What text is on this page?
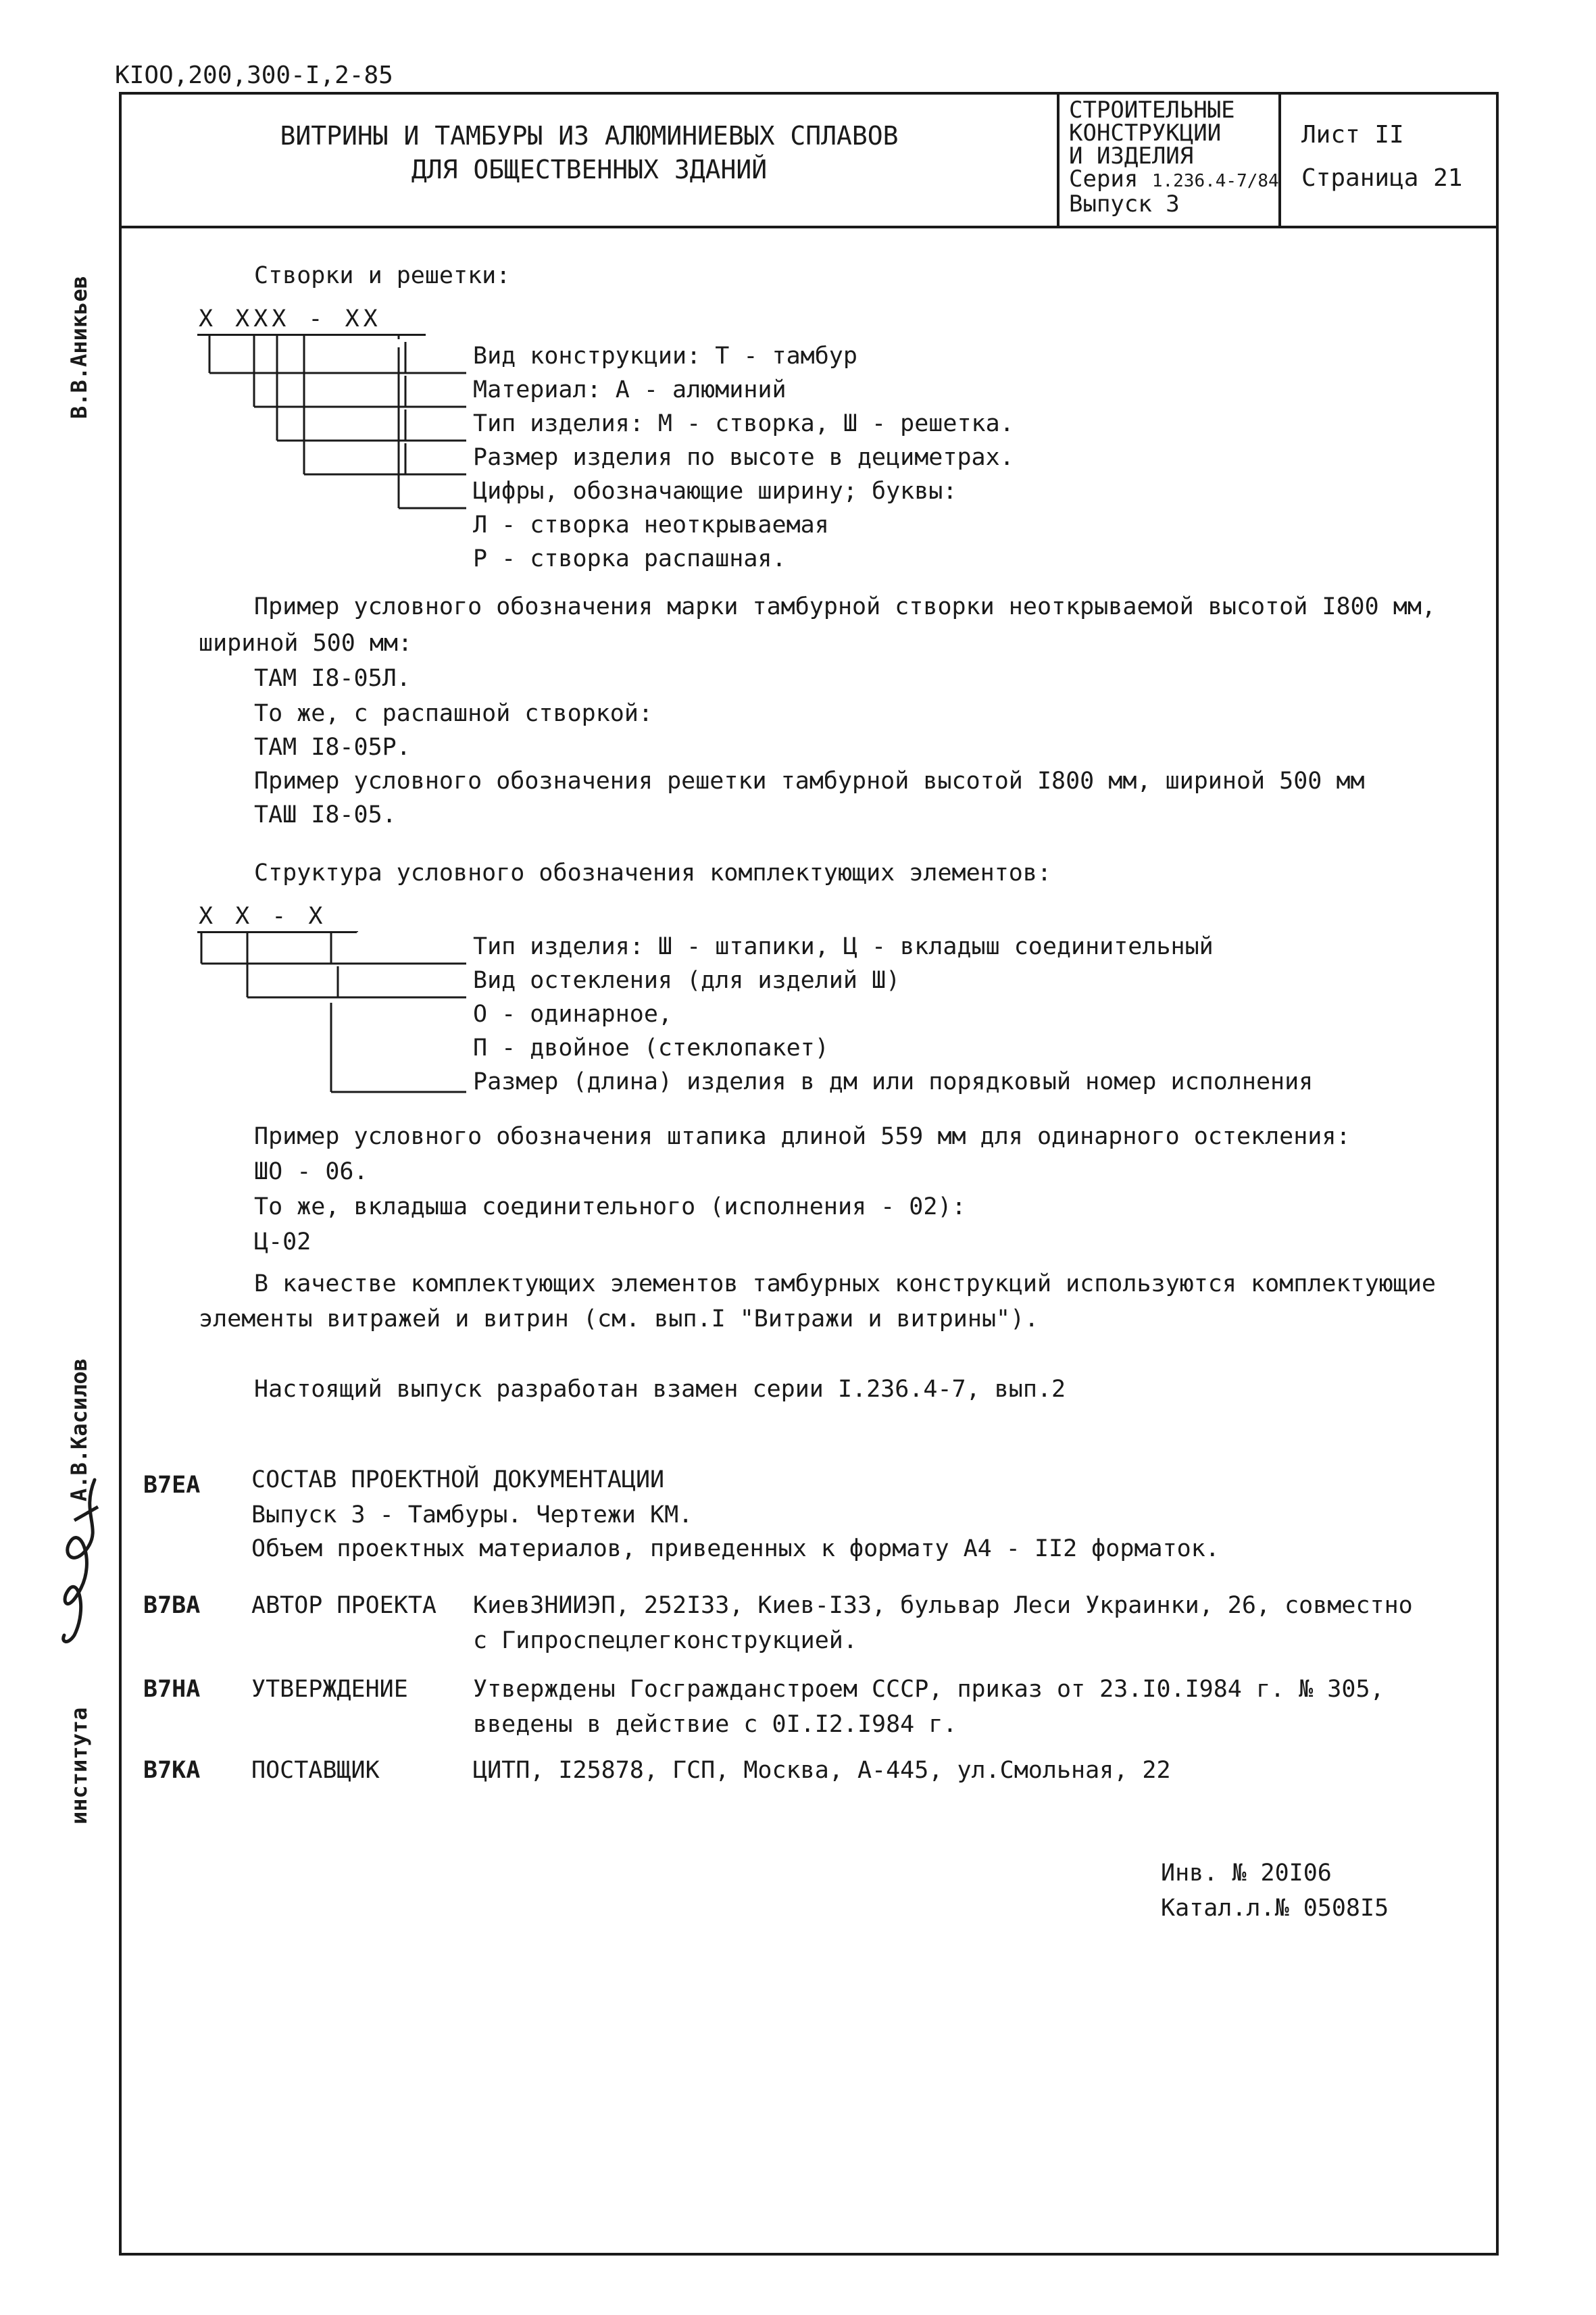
KIOO,200,300-I,2-85
ВИТРИНЫ И ТАМБУРЫ ИЗ АЛЮМИНИЕВЫХ СПЛАВОВ
ДЛЯ ОБЩЕСТВЕННЫХ ЗДАНИЙ
СТРОИТЕЛЬНЫЕ
КОНСТРУКЦИИ
И ИЗДЕЛИЯ
Серия 1.236.4-7/84
Выпуск 3
Лист II
Страница 21
В.В.Аникьев
А.В.Касилов
института
Створки и решетки:
X XXX - XX
Вид конструкции: Т - тамбур
Материал: А - алюминий
Тип изделия: М - створка, Ш - решетка.
Размер изделия по высоте в дециметрах.
Цифры, обозначающие ширину; буквы:
Л - створка неоткрываемая
Р - створка распашная.
Пример условного обозначения марки тамбурной створки неоткрываемой высотой I800 мм,
шириной 500 мм:
ТАМ I8-05Л.
То же, с распашной створкой:
ТАМ I8-05Р.
Пример условного обозначения решетки тамбурной высотой I800 мм, шириной 500 мм
ТАШ I8-05.
Структура условного обозначения комплектующих элементов:
X X - X
Тип изделия: Ш - штапики, Ц - вкладыш соединительный
Вид остекления (для изделий Ш)
О - одинарное,
П - двойное (стеклопакет)
Размер (длина) изделия в дм или порядковый номер исполнения
Пример условного обозначения штапика длиной 559 мм для одинарного остекления:
ШО - 06.
То же, вкладыша соединительного (исполнения - 02):
Ц-02
В качестве комплектующих элементов тамбурных конструкций используются комплектующие
элементы витражей и витрин (см. вып.I "Витражи и витрины").
Настоящий выпуск разработан взамен серии I.236.4-7, вып.2
B7EA СОСТАВ ПРОЕКТНОЙ ДОКУМЕНТАЦИИ
Выпуск 3 - Тамбуры. Чертежи КМ.
Объем проектных материалов, приведенных к формату А4 - II2 форматок.
B7BA АВТОР ПРОЕКТА КиевЗНИИЭП, 252I33, Киев-I33, бульвар Леси Украинки, 26, совместно
с Гипроспецлегконструкцией.
B7HA УТВЕРЖДЕНИЕ	Утверждены Госгражданстроем СССР, приказ от 23.I0.I984 г. № 305,
введены в действие с 0I.I2.I984 г.
B7KA ПОСТАВЩИК	ЦИТП, I25878, ГСП, Москва, А-445, ул.Смольная, 22
Инв. № 20I06
Катал.л.№ 0508I5
